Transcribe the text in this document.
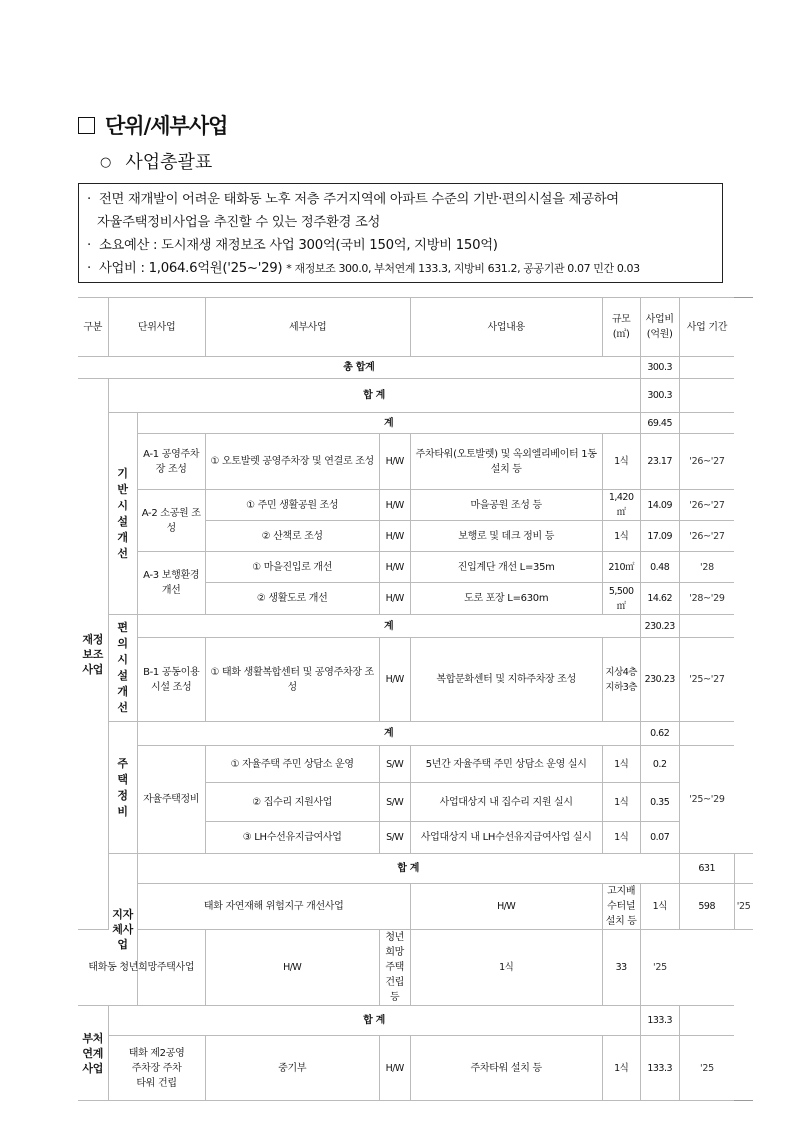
단위/세부사업
○ 사업총괄표
· 전면 재개발이 어려운 태화동 노후 저층 주거지역에 아파트 수준의 기반·편의시설을 제공하여
자율주택정비사업을 추진할 수 있는 정주환경 조성
· 소요예산 : 도시재생 재정보조 사업 300억(국비 150억, 지방비 150억)
· 사업비 : 1,064.6억원('25~'29) * 재정보조 300.0, 부처연계 133.3, 지방비 631.2, 공공기관 0.07 민간 0.03
구분	단위사업		세부사업		사업내용	규모 (㎡)	사업비 (억원)	사업 기간	
총 합계							300.3		

재정보조사업	합 계						300.3		

	기반시설개선	계					69.45		
		A-1 공영주차장 조성	① 오토발렛 공영주차장 및 연결로 조성	H/W	주차타워(오토발렛) 및 옥외엘리베이터 1동 설치 등	1식	23.17	'26~'27	
		A-2 소공원 조성	① 주민 생활공원 조성	H/W	마을공원 조성 등	1,420㎡	14.09	'26~'27	
			② 산책로 조성	H/W	보행로 및 데크 정비 등	1식	17.09	'26~'27	
		A-3 보행환경 개선	① 마을진입로 개선	H/W	진입계단 개선 L=35m	210㎡	0.48	'28	
			② 생활도로 개선	H/W	도로 포장 L=630m	5,500㎡	14.62	'28~'29	

	편의시설개선	계					230.23		
		B-1 공동이용 시설 조성	① 태화 생활복합센터 및 공영주차장 조성	H/W	복합문화센터 및 지하주차장 조성	지상4층 지하3층	230.23	'25~'27	

	주택정비	계					0.62		
		자율주택정비	① 자율주택 주민 상담소 운영	S/W	5년간 자율주택 주민 상담소 운영 실시	1식	0.2	'25~'29	
			② 집수리 지원사업	S/W	사업대상지 내 집수리 지원 실시	1식	0.35		
			③ LH수선유지급여사업	S/W	사업대상지 내 LH수선유지급여사업 실시	1식	0.07		

	지자체사업	합 계						631	
		태화 자연재해 위험지구 개선사업			H/W	고지배수터널 설치 등	1식	598	'25
태화동 청년희망주택사업			H/W	청년희망주택 건립 등	1식	33	'25		

부처연계사업	합 계						133.3		

	태화 제2공영 주차장 주차타워 건립		중기부	H/W	주차타워 설치 등	1식	133.3	'25	
